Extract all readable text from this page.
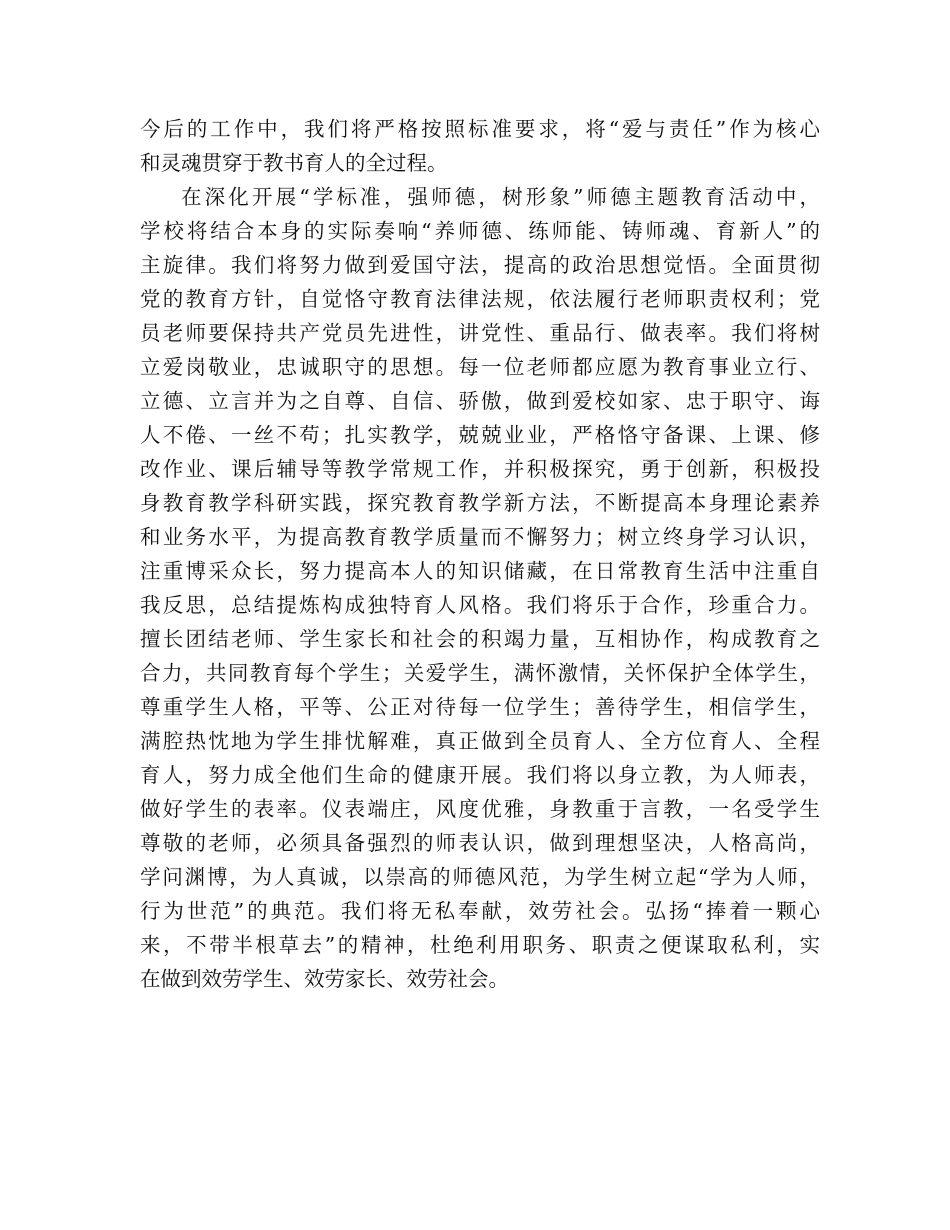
今后的工作中，我们将严格按照标准要求，将“爱与责任”作为核心
和灵魂贯穿于教书育人的全过程。
在深化开展“学标准，强师德，树形象”师德主题教育活动中，
学校将结合本身的实际奏响“养师德、练师能、铸师魂、育新人”的
主旋律。我们将努力做到爱国守法，提高的政治思想觉悟。全面贯彻
党的教育方针，自觉恪守教育法律法规，依法履行老师职责权利；党
员老师要保持共产党员先进性，讲党性、重品行、做表率。我们将树
立爱岗敬业，忠诚职守的思想。每一位老师都应愿为教育事业立行、
立德、立言并为之自尊、自信、骄傲，做到爱校如家、忠于职守、诲
人不倦、一丝不苟；扎实教学，兢兢业业，严格恪守备课、上课、修
改作业、课后辅导等教学常规工作，并积极探究，勇于创新，积极投
身教育教学科研实践，探究教育教学新方法，不断提高本身理论素养
和业务水平，为提高教育教学质量而不懈努力；树立终身学习认识，
注重博采众长，努力提高本人的知识储藏，在日常教育生活中注重自
我反思，总结提炼构成独特育人风格。我们将乐于合作，珍重合力。
擅长团结老师、学生家长和社会的积竭力量，互相协作，构成教育之
合力，共同教育每个学生；关爱学生，满怀激情，关怀保护全体学生，
尊重学生人格，平等、公正对待每一位学生；善待学生，相信学生，
满腔热忱地为学生排忧解难，真正做到全员育人、全方位育人、全程
育人，努力成全他们生命的健康开展。我们将以身立教，为人师表，
做好学生的表率。仪表端庄，风度优雅，身教重于言教，一名受学生
尊敬的老师，必须具备强烈的师表认识，做到理想坚决，人格高尚，
学问渊博，为人真诚，以崇高的师德风范，为学生树立起“学为人师，
行为世范”的典范。我们将无私奉献，效劳社会。弘扬“捧着一颗心
来，不带半根草去”的精神，杜绝利用职务、职责之便谋取私利，实
在做到效劳学生、效劳家长、效劳社会。
